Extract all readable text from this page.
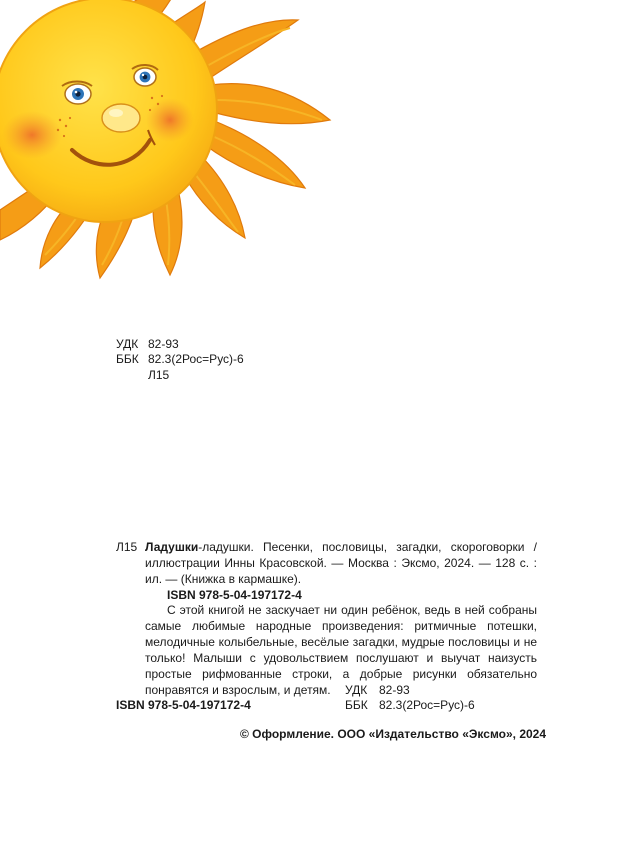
УДК 82-93
ББК 82.3(2Рос=Рус)-6
Л15
Л15 Ладушки-ладушки. Песенки, пословицы, загадки, скороговорки / иллюстрации Инны Красовской. — Москва : Эксмо, 2024. — 128 с. : ил. — (Книжка в кармашке).
ISBN 978-5-04-197172-4
С этой книгой не заскучает ни один ребёнок, ведь в ней собраны самые любимые народные произведения: ритмичные потешки, мелодичные колыбельные, весёлые загадки, мудрые пословицы и не только! Малыши с удовольствием послушают и выучат наизусть простые рифмованные строки, а добрые рисунки обязательно понравятся и взрослым, и детям.	УДК 82-93
ISBN 978-5-04-197172-4	ББК 82.3(2Рос=Рус)-6
© Оформление. ООО «Издательство «Эксмо», 2024
